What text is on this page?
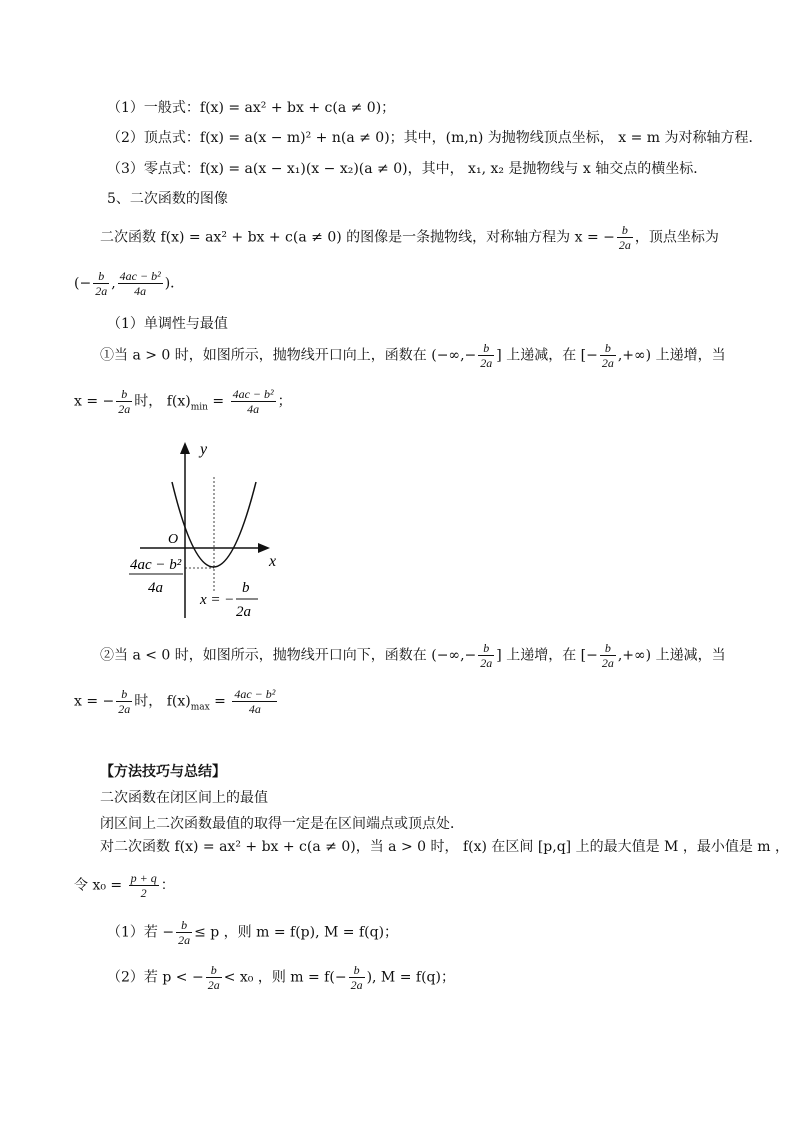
（1）一般式：f(x) = ax² + bx + c(a ≠ 0)；
（2）顶点式：f(x) = a(x − m)² + n(a ≠ 0)；其中，(m,n) 为抛物线顶点坐标， x = m 为对称轴方程．
（3）零点式：f(x) = a(x − x₁)(x − x₂)(a ≠ 0)，其中， x₁, x₂ 是抛物线与 x 轴交点的横坐标．
5、二次函数的图像
二次函数 f(x) = ax² + bx + c(a ≠ 0) 的图像是一条抛物线，对称轴方程为 x = − $\frac{b}{2a}$ ，顶点坐标为
(− $\frac{b}{2a}$ , $\frac{\text{4ac − b²}}{4a}$ )．
（1）单调性与最值
①当 a > 0 时，如图所示，抛物线开口向上，函数在 (−∞,− $\frac{b}{2a}$ ] 上递减，在 [− $\frac{b}{2a}$ ,+∞) 上递增，当
x = − $\frac{b}{2a}$ 时， $f(x)_{min} = \frac{\text{4ac − b²}}{4a}$ ；
y
x
O
4ac − b²
4a
x = −
b
2a
②当 a < 0 时，如图所示，抛物线开口向下，函数在 (−∞,− $\frac{b}{2a}$ ] 上递增，在 [− $\frac{b}{2a}$ ,+∞) 上递减，当
x = − $\frac{b}{2a}$ 时， $f(x)_{max} = \frac{\text{4ac − b²}}{4a}$
【方法技巧与总结】
二次函数在闭区间上的最值
闭区间上二次函数最值的取得一定是在区间端点或顶点处．
对二次函数 f(x) = ax² + bx + c(a ≠ 0)，当 a > 0 时， f(x) 在区间 [p,q] 上的最大值是 M ，最小值是 m ，
令 $x_0 = \frac{p + q}{2}$ ：
（1）若 − $\frac{b}{2a} \le p$ ，则 m = f(p), M = f(q)；
（2）若 p < − $\frac{b}{2a} < x_0$ ，则 $m = f(- \frac{b}{2a}$ ), M = f(q)；
